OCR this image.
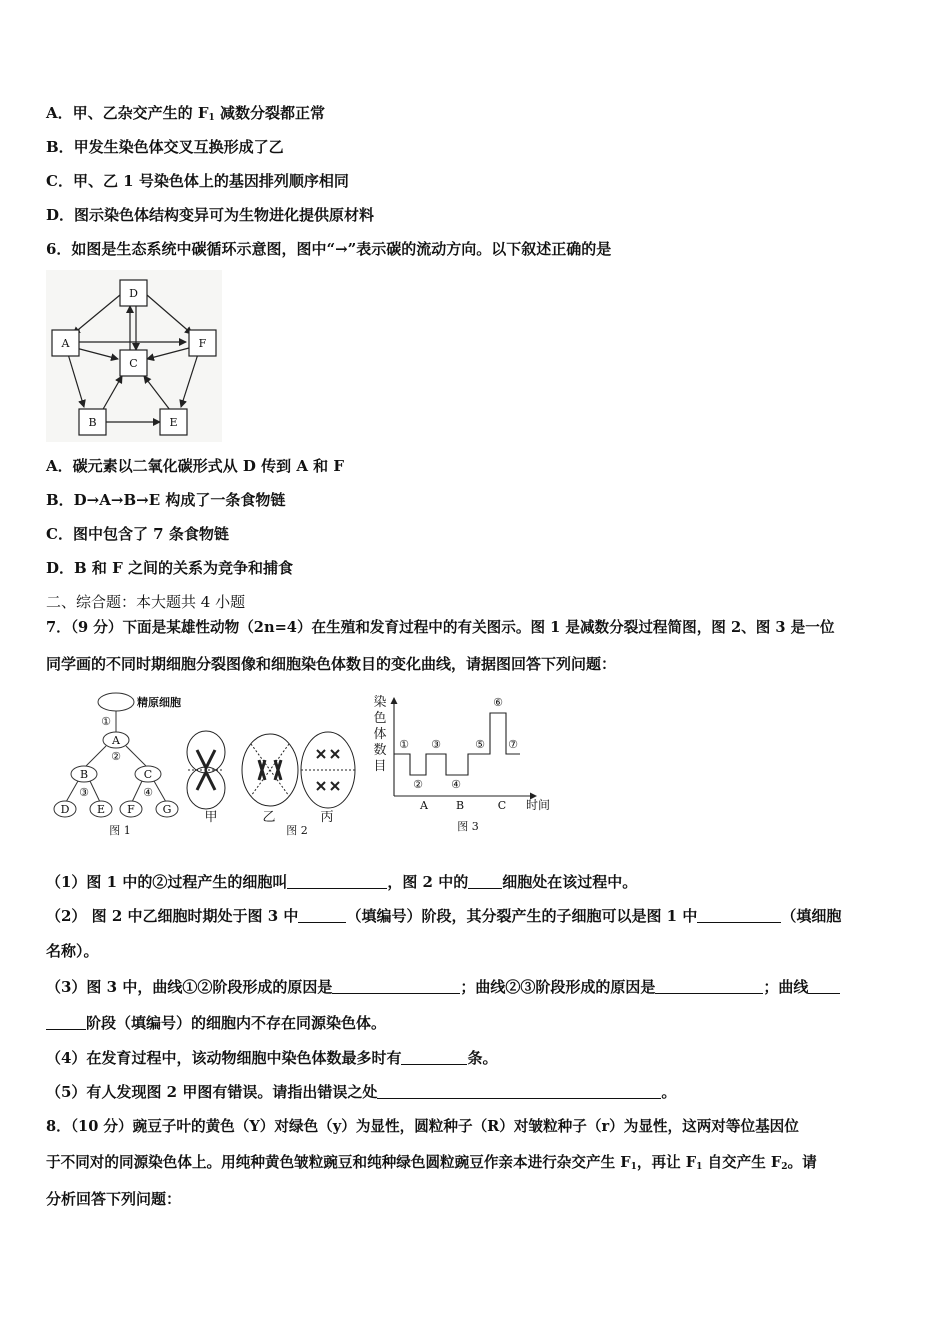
A．甲、乙杂交产生的 $F_1$ 减数分裂都正常
B．甲发生染色体交叉互换形成了乙
C．甲、乙 1 号染色体上的基因排列顺序相同
D．图示染色体结构变异可为生物进化提供原材料
6．如图是生态系统中碳循环示意图，图中“→”表示碳的流动方向。以下叙述正确的是
D
A
C
F
B	E
A．碳元素以二氧化碳形式从 D 传到 A 和 F
B．D→A→B→E 构成了一条食物链
C．图中包含了 7 条食物链
D．B 和 F 之间的关系为竞争和捕食
二、综合题：本大题共 4 小题
7．（9 分）下面是某雄性动物（2n=4）在生殖和发育过程中的有关图示。图 1 是减数分裂过程简图，图 2、图 3 是一位
同学画的不同时期细胞分裂图像和细胞染色体数目的变化曲线，请据图回答下列问题：
精原细胞
①
②
③	④
A
B	C
D	E F	G
图 1
甲	乙	丙
图 2
染
色
体
数
目
①
②
③
④
⑤
⑥
⑦
A	B	C 时间
图 3
（1）图 1 中的②过程产生的细胞叫	，图 2 中的 细胞处在该过程中。
（2） 图 2 中乙细胞时期处于图 3 中	（填编号）阶段，其分裂产生的子细胞可以是图 1 中	（填细胞
名称）。
（3）图 3 中，曲线①②阶段形成的原因是	；曲线②③阶段形成的原因是	；曲线
阶段（填编号）的细胞内不存在同源染色体。
（4）在发育过程中，该动物细胞中染色体数最多时有	条。
（5）有人发现图 2 甲图有错误。请指出错误之处	。
8．（10 分）豌豆子叶的黄色（Y）对绿色（y）为显性，圆粒种子（R）对皱粒种子（r）为显性，这两对等位基因位
于不同对的同源染色体上。用纯种黄色皱粒豌豆和纯种绿色圆粒豌豆作亲本进行杂交产生 $F_1$，再让 $F_1$ 自交产生 $F_2$。请
分析回答下列问题：
